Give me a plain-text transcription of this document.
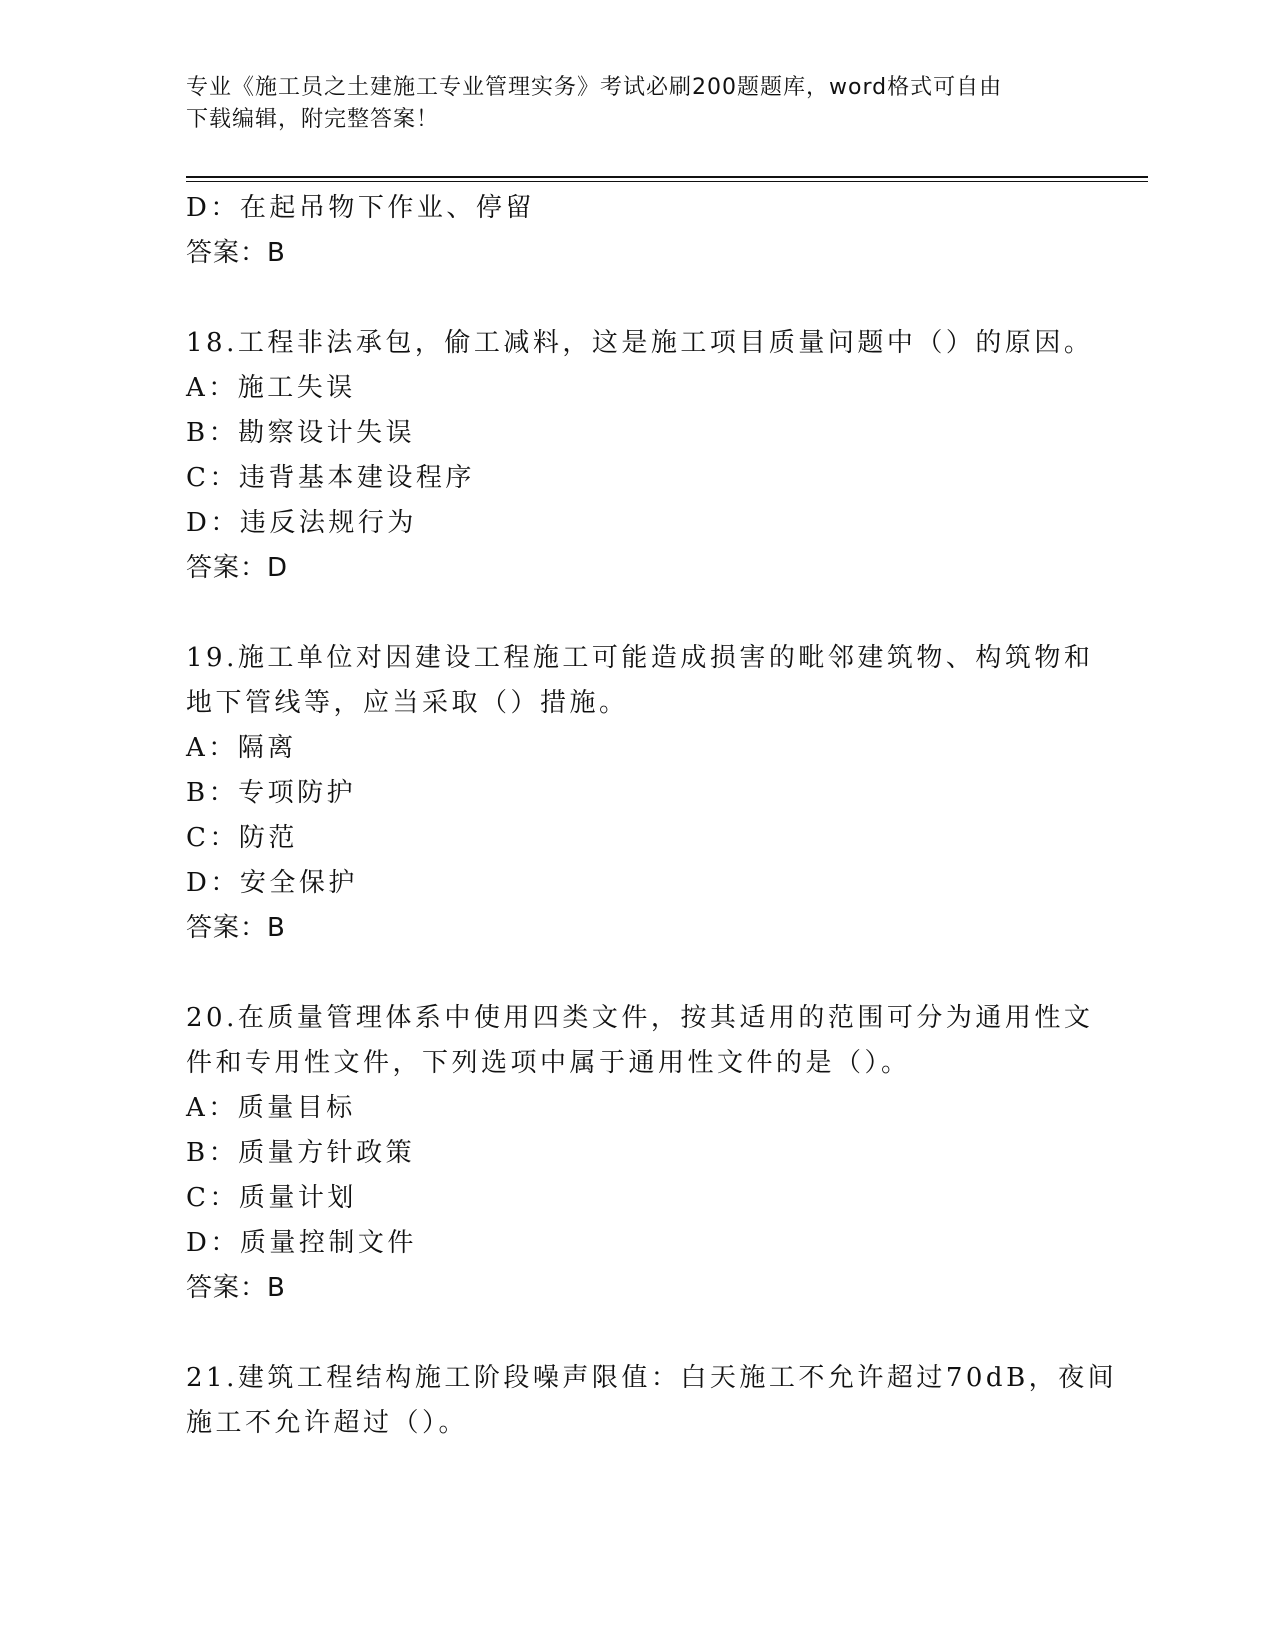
专业《施工员之土建施工专业管理实务》考试必刷200题题库，word格式可自由
下载编辑，附完整答案！
D：在起吊物下作业、停留
答案：B
18.工程非法承包，偷工减料，这是施工项目质量问题中（）的原因。
A：施工失误
B：勘察设计失误
C：违背基本建设程序
D：违反法规行为
答案：D
19.施工单位对因建设工程施工可能造成损害的毗邻建筑物、构筑物和
地下管线等，应当采取（）措施。
A：隔离
B：专项防护
C：防范
D：安全保护
答案：B
20.在质量管理体系中使用四类文件，按其适用的范围可分为通用性文
件和专用性文件，下列选项中属于通用性文件的是（）。
A：质量目标
B：质量方针政策
C：质量计划
D：质量控制文件
答案：B
21.建筑工程结构施工阶段噪声限值：白天施工不允许超过70dB，夜间
施工不允许超过（）。
